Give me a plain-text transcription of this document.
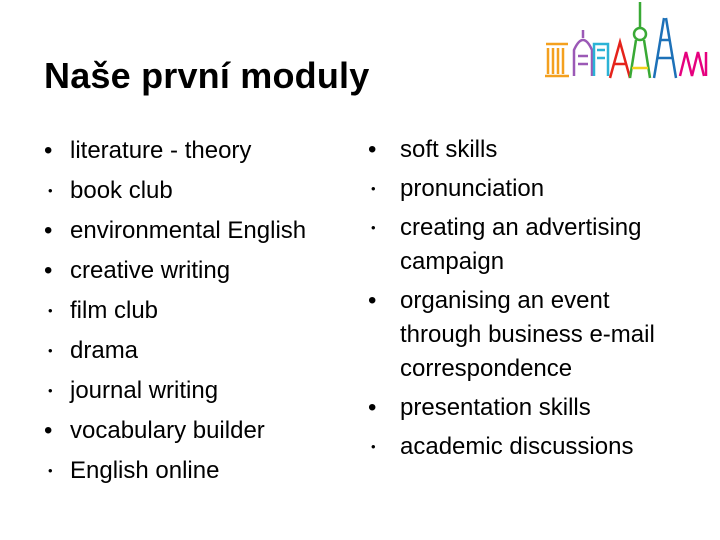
Naše první moduly
• literature - theory
• book club
• environmental English
• creative writing
• film club
• drama
• journal writing
• vocabulary builder
• English online
• soft skills
• pronunciation
• creating an advertising
campaign
• organising an event
through business e-mail
correspondence
• presentation skills
• academic discussions
